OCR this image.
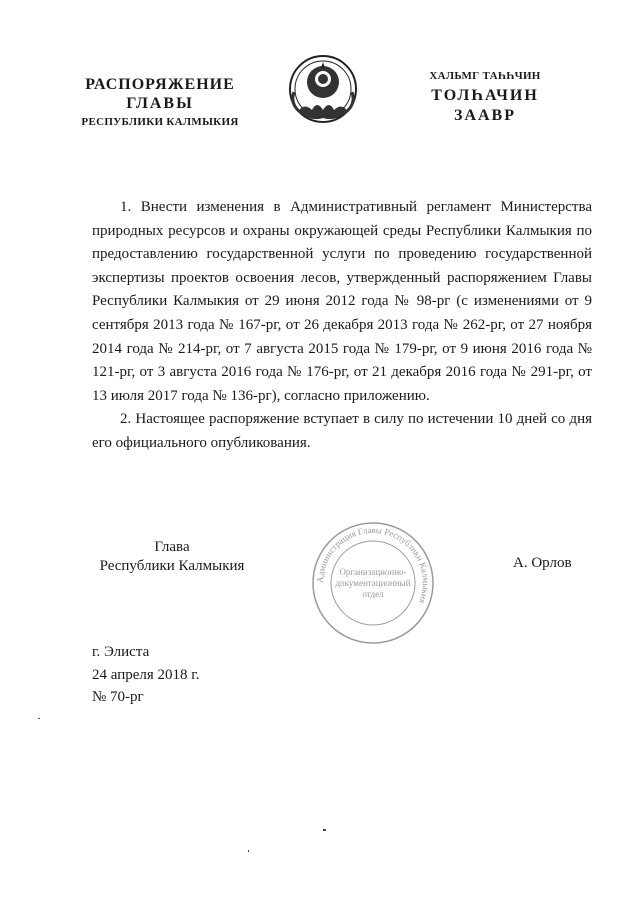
РАСПОРЯЖЕНИЕ
ГЛАВЫ
РЕСПУБЛИКИ КАЛМЫКИЯ
ХАЛЬМГ ТАҺҺЧИН
ТОЛҺАЧИН
ЗААВР

1. Внести изменения в Административный регламент Министерства природных ресурсов и охраны окружающей среды Республики Калмыкия по предоставлению государственной услуги по проведению государственной экспертизы проектов освоения лесов, утвержденный распоряжением Главы Республики Калмыкия от 29 июня 2012 года № 98-рг (с изменениями от 9 сентября 2013 года № 167-рг, от 26 декабря 2013 года № 262-рг, от 27 ноября 2014 года № 214-рг, от 7 августа 2015 года № 179-рг, от 9 июня 2016 года № 121-рг, от 3 августа 2016 года № 176-рг, от 21 декабря 2016 года № 291-рг, от 13 июля 2017 года № 136-рг), согласно приложению.

2. Настоящее распоряжение вступает в силу по истечении 10 дней со дня его официального опубликования.

Глава
Республики Калмыкия
Администрация Главы Республики Калмыкия
Организационно-
документационный
отдел
А. Орлов
г. Элиста
24 апреля 2018 г.
№ 70-рг
